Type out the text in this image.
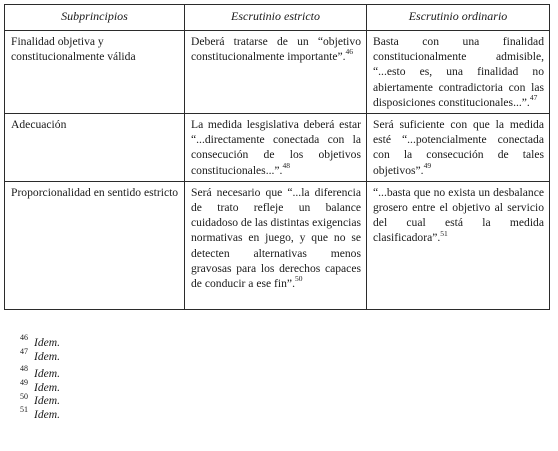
Subprincipios	Escrutinio estricto	Escrutinio ordinario

Finalidad objetiva y constitucionalmente válida	Deberá tratarse de un “objetivo constitucionalmente importante”.$^{46}$	Basta con una finalidad constitucionalmente admisible, “...esto es, una finalidad no abiertamente contradictoria con las disposiciones constitucionales...”.$^{47}$

Adecuación	La medida lesgislativa deberá estar “...directamente conectada con la consecución de los objetivos constitucionales...”.$^{48}$	Será suficiente con que la medida esté “...potencialmente conectada con la consecución de tales objetivos”.$^{49}$

Proporcionalidad en sentido estricto	Será necesario que “...la diferencia de trato refleje un balance cuidadoso de las distintas exigencias normativas en juego, y que no se detecten alternativas menos gravosas para los derechos capaces de conducir a ese fin”.$^{50}$	“...basta que no exista un desbalance grosero entre el objetivo al servicio del cual está la medida clasificadora”.$^{51}$
46 Idem.
47 Idem.
48 Idem.
49 Idem.
50 Idem.
51 Idem.
